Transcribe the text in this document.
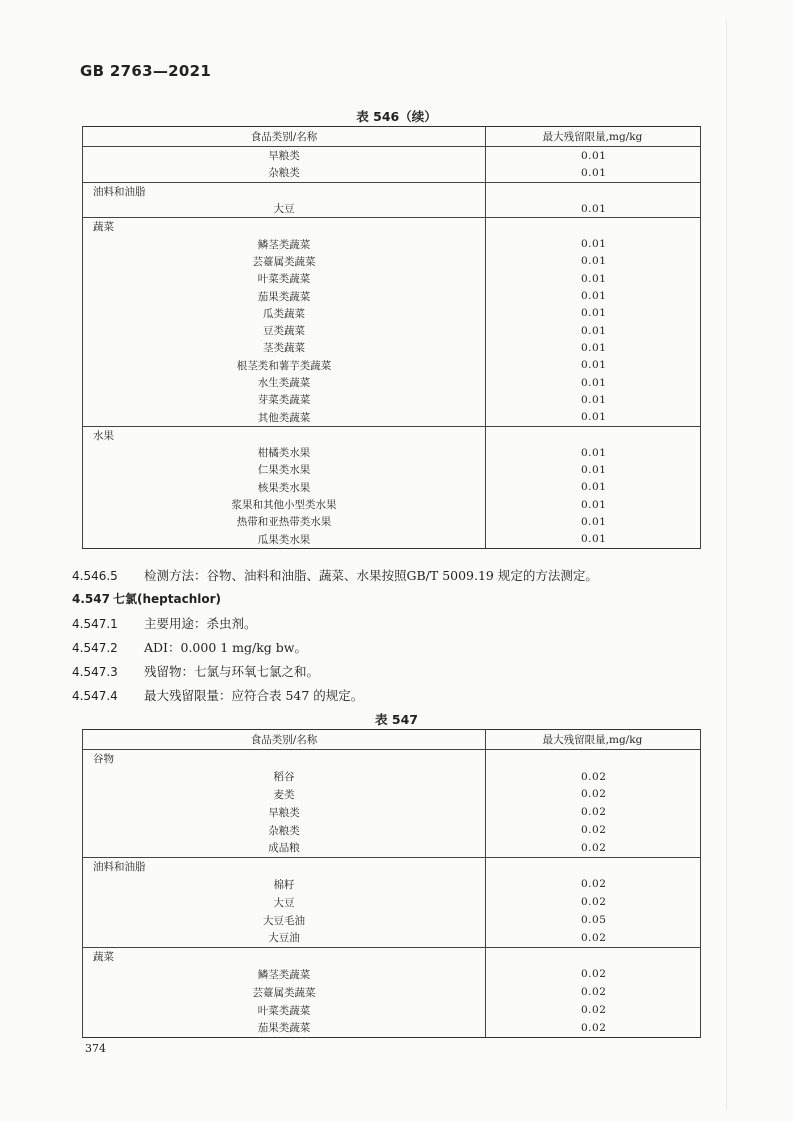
GB 2763—2021
表 546（续）
食品类别/名称	最大残留限量,mg/kg
旱粮类	0.01
杂粮类	0.01
油料和油脂
大豆	0.01
蔬菜
鳞茎类蔬菜	0.01
芸薹属类蔬菜	0.01
叶菜类蔬菜	0.01
茄果类蔬菜	0.01
瓜类蔬菜	0.01
豆类蔬菜	0.01
茎类蔬菜	0.01
根茎类和薯芋类蔬菜	0.01
水生类蔬菜	0.01
芽菜类蔬菜	0.01
其他类蔬菜	0.01
水果
柑橘类水果	0.01
仁果类水果	0.01
核果类水果	0.01
浆果和其他小型类水果	0.01
热带和亚热带类水果	0.01
瓜果类水果	0.01
4.546.5 检测方法：谷物、油料和油脂、蔬菜、水果按照GB/T 5009.19 规定的方法测定。
4.547 七氯(heptachlor)
4.547.1 主要用途：杀虫剂。
4.547.2 ADI：0.000 1 mg/kg bw。
4.547.3 残留物：七氯与环氧七氯之和。
4.547.4 最大残留限量：应符合表 547 的规定。
表 547
食品类别/名称	最大残留限量,mg/kg
谷物
稻谷	0.02
麦类	0.02
旱粮类	0.02
杂粮类	0.02
成品粮	0.02
油料和油脂
棉籽	0.02
大豆	0.02
大豆毛油	0.05
大豆油	0.02
蔬菜
鳞茎类蔬菜	0.02
芸薹属类蔬菜	0.02
叶菜类蔬菜	0.02
茄果类蔬菜	0.02
374
